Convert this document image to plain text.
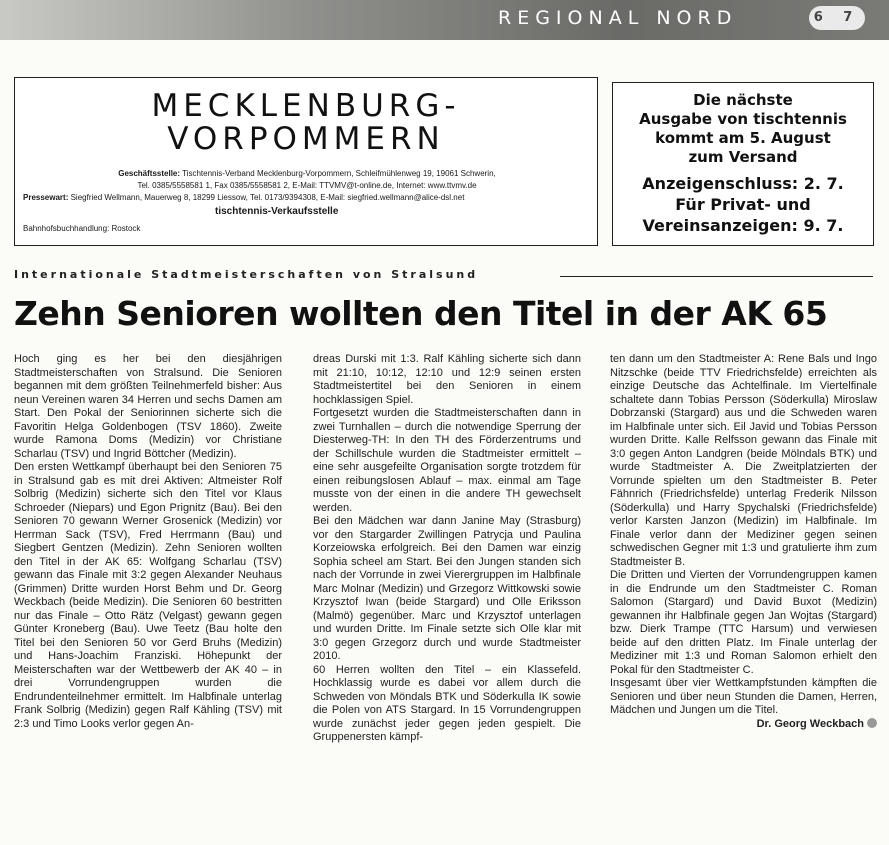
REGIONAL NORD	6 7
MECKLENBURG-
VORPOMMERN
Geschäftsstelle: Tischtennis-Verband Mecklenburg-Vorpommern, Schleifmühlenweg 19, 19061 Schwerin,
Tel. 0385/5558581 1, Fax 0385/5558581 2, E-Mail: TTVMV@t-online.de, Internet: www.ttvmv.de
Pressewart: Siegfried Wellmann, Mauerweg 8, 18299 Liessow, Tel. 0173/9394308, E-Mail: siegfried.wellmann@alice-dsl.net
tischtennis-Verkaufsstelle
Bahnhofsbuchhandlung: Rostock
Die nächste
Ausgabe von tischtennis
kommt am 5. August
zum Versand
Anzeigenschluss: 2. 7.
Für Privat- und
Vereinsanzeigen: 9. 7.
Internationale Stadtmeisterschaften von Stralsund
Zehn Senioren wollten den Titel in der AK 65

Hoch ging es her bei den diesjährigen Stadtmeisterschaften von Stralsund. Die Senioren begannen mit dem größten Teilnehmerfeld bisher: Aus neun Vereinen waren 34 Herren und sechs Damen am Start. Den Pokal der Seniorinnen sicherte sich die Favoritin Helga Goldenbogen (TSV 1860). Zweite wurde Ramona Doms (Medizin) vor Christiane Scharlau (TSV) und Ingrid Böttcher (Medizin).

Den ersten Wettkampf überhaupt bei den Senioren 75 in Stralsund gab es mit drei Aktiven: Altmeister Rolf Solbrig (Medizin) sicherte sich den Titel vor Klaus Schroeder (Niepars) und Egon Prignitz (Bau). Bei den Senioren 70 gewann Werner Grosenick (Medizin) vor Herrman Sack (TSV), Fred Herrmann (Bau) und Siegbert Gentzen (Medizin). Zehn Senioren wollten den Titel in der AK 65: Wolfgang Scharlau (TSV) gewann das Finale mit 3:2 gegen Alexander Neuhaus (Grimmen) Dritte wurden Horst Behm und Dr. Georg Weckbach (beide Medizin). Die Senioren 60 bestritten nur das Finale – Otto Rätz (Velgast) gewann gegen Günter Kroneberg (Bau). Uwe Teetz (Bau holte den Titel bei den Senioren 50 vor Gerd Bruhs (Medizin) und Hans-Joachim Franziski. Höhepunkt der Meisterschaften war der Wettbewerb der AK 40 – in drei Vorrundengruppen wurden die Endrundenteilnehmer ermittelt. Im Halbfinale unterlag Frank Solbrig (Medizin) gegen Ralf Kähling (TSV) mit 2:3 und Timo Looks verlor gegen An-

dreas Durski mit 1:3. Ralf Kähling sicherte sich dann mit 21:10, 10:12, 12:10 und 12:9 seinen ersten Stadtmeistertitel bei den Senioren in einem hochklassigen Spiel.

Fortgesetzt wurden die Stadtmeisterschaften dann in zwei Turnhallen – durch die notwendige Sperrung der Diesterweg-TH: In den TH des Förderzentrums und der Schillschule wurden die Stadtmeister ermittelt – eine sehr ausgefeilte Organisation sorgte trotzdem für einen reibungslosen Ablauf – max. einmal am Tage musste von der einen in die andere TH gewechselt werden.

Bei den Mädchen war dann Janine May (Strasburg) vor den Stargarder Zwillingen Patrycja und Paulina Korzeiowska erfolgreich. Bei den Damen war einzig Sophia scheel am Start. Bei den Jungen standen sich nach der Vorrunde in zwei Vierergruppen im Halbfinale Marc Molnar (Medizin) und Grzegorz Wittkowski sowie Krzysztof Iwan (beide Stargard) und Olle Eriksson (Malmö) gegenüber. Marc und Krzysztof unterlagen und wurden Dritte. Im Finale setzte sich Olle klar mit 3:0 gegen Grzegorz durch und wurde Stadtmeister 2010.

60 Herren wollten den Titel – ein Klassefeld. Hochklassig wurde es dabei vor allem durch die Schweden von Möndals BTK und Söderkulla IK sowie die Polen von ATS Stargard. In 15 Vorrundengruppen wurde zunächst jeder gegen jeden gespielt. Die Gruppenersten kämpf-

ten dann um den Stadtmeister A: Rene Bals und Ingo Nitzschke (beide TTV Friedrichsfelde) erreichten als einzige Deutsche das Achtelfinale. Im Viertelfinale schaltete dann Tobias Persson (Söderkulla) Miroslaw Dobrzanski (Stargard) aus und die Schweden waren im Halbfinale unter sich. Eil Javid und Tobias Persson wurden Dritte. Kalle Relfsson gewann das Finale mit 3:0 gegen Anton Landgren (beide Mölndals BTK) und wurde Stadtmeister A. Die Zweitplatzierten der Vorrunde spielten um den Stadtmeister B. Peter Fähnrich (Friedrichsfelde) unterlag Frederik Nilsson (Söderkulla) und Harry Spychalski (Friedrichsfelde) verlor Karsten Janzon (Medizin) im Halbfinale. Im Finale verlor dann der Mediziner gegen seinen schwedischen Gegner mit 1:3 und gratulierte ihm zum Stadtmeister B.

Die Dritten und Vierten der Vorrundengruppen kamen in die Endrunde um den Stadtmeister C. Roman Salomon (Stargard) und David Buxot (Medizin) gewannen ihr Halbfinale gegen Jan Wojtas (Stargard) bzw. Dierk Trampe (TTC Harsum) und verwiesen beide auf den dritten Platz. Im Finale unterlag der Mediziner mit 1:3 und Roman Salomon erhielt den Pokal für den Stadtmeister C.

Insgesamt über vier Wettkampfstunden kämpften die Senioren und über neun Stunden die Damen, Herren, Mädchen und Jungen um die Titel.

Dr. Georg Weckbach
